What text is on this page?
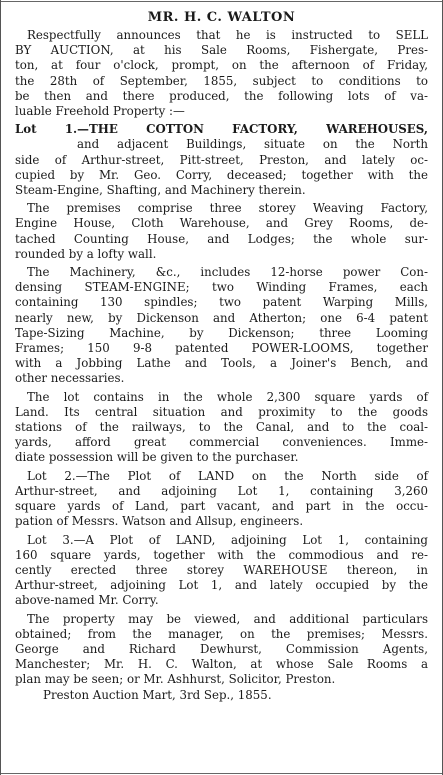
MR. H. C. WALTON
Respectfully announces that he is instructed to SELL
BY AUCTION, at his Sale Rooms, Fishergate, Pres-
ton, at four o'clock, prompt, on the afternoon of Friday,
the 28th of September, 1855, subject to conditions to
be then and there produced, the following lots of va-
luable Freehold Property :—
Lot 1.—THE COTTON FACTORY, WAREHOUSES,
and adjacent Buildings, situate on the North
side of Arthur-street, Pitt-street, Preston, and lately oc-
cupied by Mr. Geo. Corry, deceased; together with the
Steam-Engine, Shafting, and Machinery therein.
The premises comprise three storey Weaving Factory,
Engine House, Cloth Warehouse, and Grey Rooms, de-
tached Counting House, and Lodges; the whole sur-
rounded by a lofty wall.
The Machinery, &c., includes 12-horse power Con-
densing STEAM-ENGINE; two Winding Frames, each
containing 130 spindles; two patent Warping Mills,
nearly new, by Dickenson and Atherton; one 6-4 patent
Tape-Sizing Machine, by Dickenson; three Looming
Frames; 150 9-8 patented POWER-LOOMS, together
with a Jobbing Lathe and Tools, a Joiner's Bench, and
other necessaries.
The lot contains in the whole 2,300 square yards of
Land. Its central situation and proximity to the goods
stations of the railways, to the Canal, and to the coal-
yards, afford great commercial conveniences. Imme-
diate possession will be given to the purchaser.
Lot 2.—The Plot of LAND on the North side of
Arthur-street, and adjoining Lot 1, containing 3,260
square yards of Land, part vacant, and part in the occu-
pation of Messrs. Watson and Allsup, engineers.
Lot 3.—A Plot of LAND, adjoining Lot 1, containing
160 square yards, together with the commodious and re-
cently erected three storey WAREHOUSE thereon, in
Arthur-street, adjoining Lot 1, and lately occupied by the
above-named Mr. Corry.
The property may be viewed, and additional particulars
obtained; from the manager, on the premises; Messrs.
George and Richard Dewhurst, Commission Agents,
Manchester; Mr. H. C. Walton, at whose Sale Rooms a
plan may be seen; or Mr. Ashhurst, Solicitor, Preston.
Preston Auction Mart, 3rd Sep., 1855.
